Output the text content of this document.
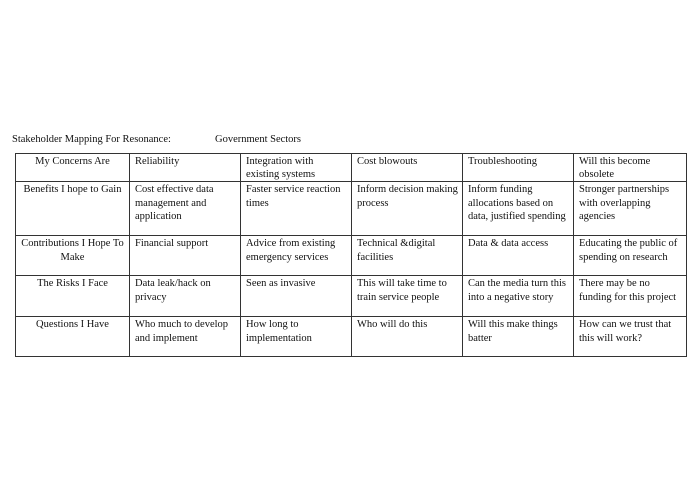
Stakeholder Mapping For Resonance:	Government Sectors
My Concerns Are	Reliability	Integration with existing systems	Cost blowouts	Troubleshooting	Will this become obsolete
Benefits I hope to Gain	Cost effective data management and application	Faster service reaction times	Inform decision making process	Inform funding allocations based on data, justified spending	Stronger partnerships with overlapping agencies
Contributions I Hope To Make	Financial support	Advice from existing emergency services	Technical &digital facilities	Data & data access	Educating the public of spending on research
The Risks I Face	Data leak/hack on privacy	Seen as invasive	This will take time to train service people	Can the media turn this into a negative story	There may be no funding for this project
Questions I Have	Who much to develop and implement	How long to implementation	Who will do this	Will this make things batter	How can we trust that this will work?
